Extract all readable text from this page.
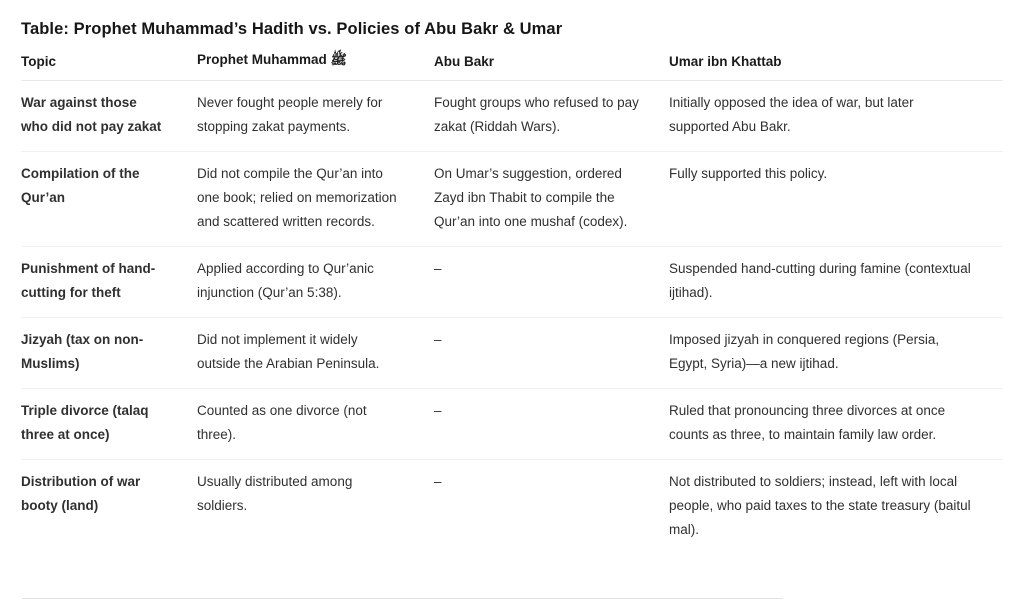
Table: Prophet Muhammad’s Hadith vs. Policies of Abu Bakr & Umar
Topic	Prophet Muhammad ﷺ	Abu Bakr	Umar ibn Khattab
War against those who did not pay zakat	Never fought people merely for stopping zakat payments.	Fought groups who refused to pay zakat (Riddah Wars).	Initially opposed the idea of war, but later supported Abu Bakr.
Compilation of the Qur’an	Did not compile the Qur’an into one book; relied on memorization and scattered written records.	On Umar’s suggestion, ordered Zayd ibn Thabit to compile the Qur’an into one mushaf (codex).	Fully supported this policy.
Punishment of hand-cutting for theft	Applied according to Qur’anic injunction (Qur’an 5:38).	–	Suspended hand-cutting during famine (contextual ijtihad).
Jizyah (tax on non-Muslims)	Did not implement it widely outside the Arabian Peninsula.	–	Imposed jizyah in conquered regions (Persia, Egypt, Syria)—a new ijtihad.
Triple divorce (talaq three at once)	Counted as one divorce (not three).	–	Ruled that pronouncing three divorces at once counts as three, to maintain family law order.
Distribution of war booty (land)	Usually distributed among soldiers.	–	Not distributed to soldiers; instead, left with local people, who paid taxes to the state treasury (baitul mal).
